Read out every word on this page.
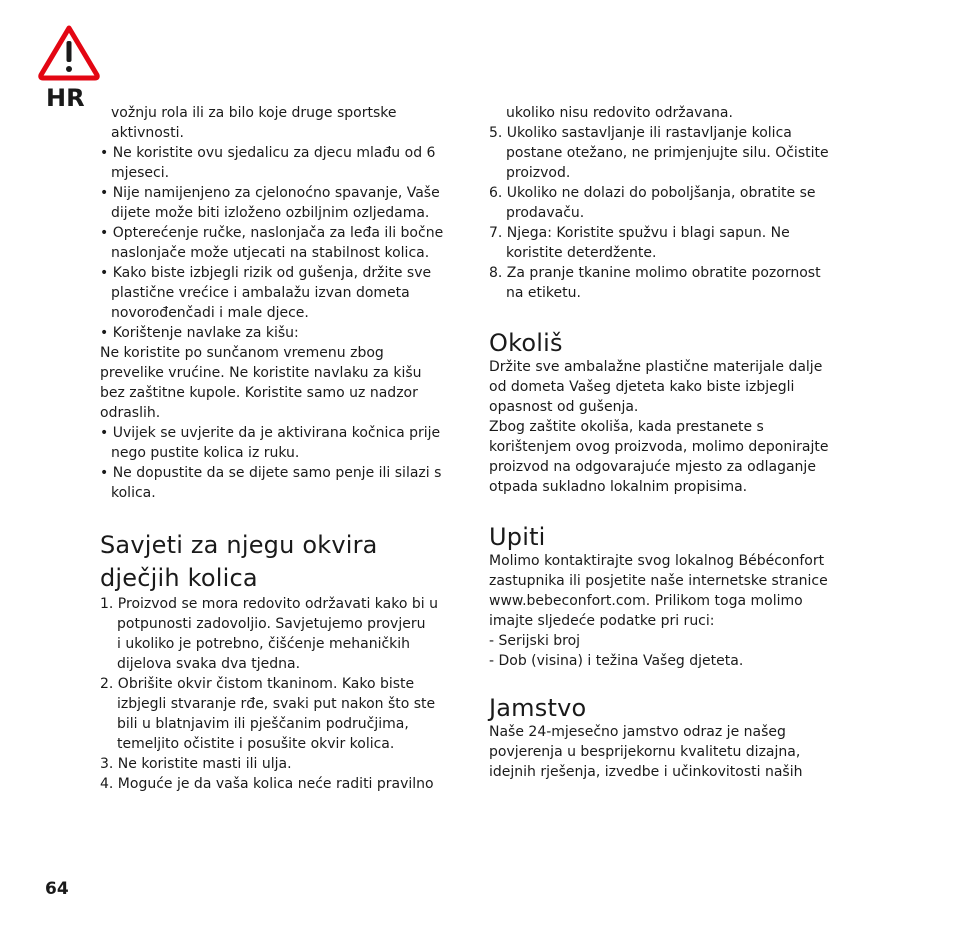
HR
vožnju rola ili za bilo koje druge sportske
aktivnosti.
• Ne koristite ovu sjedalicu za djecu mlađu od 6
mjeseci.
• Nije namijenjeno za cjelonoćno spavanje, Vaše
dijete može biti izloženo ozbiljnim ozljedama.
• Opterećenje ručke, naslonjača za leđa ili bočne
naslonjače može utjecati na stabilnost kolica.
• Kako biste izbjegli rizik od gušenja, držite sve
plastične vrećice i ambalažu izvan dometa
novorođenčadi i male djece.
• Korištenje navlake za kišu:
Ne koristite po sunčanom vremenu zbog
prevelike vrućine. Ne koristite navlaku za kišu
bez zaštitne kupole. Koristite samo uz nadzor
odraslih.
• Uvijek se uvjerite da je aktivirana kočnica prije
nego pustite kolica iz ruku.
• Ne dopustite da se dijete samo penje ili silazi s
kolica.
Savjeti za njegu okvira
dječjih kolica
1. Proizvod se mora redovito održavati kako bi u
potpunosti zadovoljio. Savjetujemo provjeru
i ukoliko je potrebno, čišćenje mehaničkih
dijelova svaka dva tjedna.
2. Obrišite okvir čistom tkaninom. Kako biste
izbjegli stvaranje rđe, svaki put nakon što ste
bili u blatnjavim ili pješčanim područjima,
temeljito očistite i posušite okvir kolica.
3. Ne koristite masti ili ulja.
4. Moguće je da vaša kolica neće raditi pravilno
ukoliko nisu redovito održavana.
5. Ukoliko sastavljanje ili rastavljanje kolica
postane otežano, ne primjenjujte silu. Očistite
proizvod.
6. Ukoliko ne dolazi do poboljšanja, obratite se
prodavaču.
7. Njega: Koristite spužvu i blagi sapun. Ne
koristite deterdžente.
8. Za pranje tkanine molimo obratite pozornost
na etiketu.
Okoliš
Držite sve ambalažne plastične materijale dalje
od dometa Vašeg djeteta kako biste izbjegli
opasnost od gušenja.
Zbog zaštite okoliša, kada prestanete s
korištenjem ovog proizvoda, molimo deponirajte
proizvod na odgovarajuće mjesto za odlaganje
otpada sukladno lokalnim propisima.
Upiti
Molimo kontaktirajte svog lokalnog Bébéconfort
zastupnika ili posjetite naše internetske stranice
www.bebeconfort.com. Prilikom toga molimo
imajte sljedeće podatke pri ruci:
- Serijski broj
- Dob (visina) i težina Vašeg djeteta.
Jamstvo
Naše 24-mjesečno jamstvo odraz je našeg
povjerenja u besprijekornu kvalitetu dizajna,
idejnih rješenja, izvedbe i učinkovitosti naših
64
